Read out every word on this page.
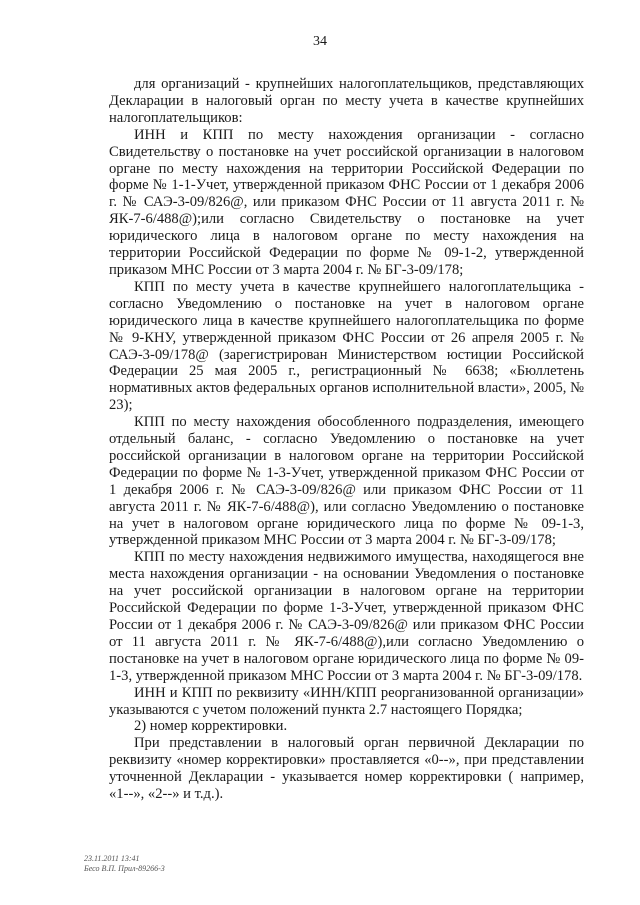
34

для организаций - крупнейших налогоплательщиков, представляющих Декларации в налоговый орган по месту учета в качестве крупнейших налогоплательщиков:

ИНН и КПП по месту нахождения организации - согласно Свидетельству о постановке на учет российской организации в налоговом органе по месту нахождения на территории Российской Федерации по форме № 1-1-Учет, утвержденной приказом ФНС России от 1 декабря 2006 г. № САЭ-3-09/826@, или приказом ФНС России от 11 августа 2011 г. № ЯК-7-6/488@);или согласно Свидетельству о постановке на учет юридического лица в налоговом органе по месту нахождения на территории Российской Федерации по форме № 09-1-2, утвержденной приказом МНС России от 3 марта 2004 г. № БГ-3-09/178;

КПП по месту учета в качестве крупнейшего налогоплательщика - согласно Уведомлению о постановке на учет в налоговом органе юридического лица в качестве крупнейшего налогоплательщика по форме № 9-КНУ, утвержденной приказом ФНС России от 26 апреля 2005 г. № САЭ-3-09/178@ (зарегистрирован Министерством юстиции Российской Федерации 25 мая 2005 г., регистрационный № 6638; «Бюллетень нормативных актов федеральных органов исполнительной власти», 2005, № 23);

КПП по месту нахождения обособленного подразделения, имеющего отдельный баланс, - согласно Уведомлению о постановке на учет российской организации в налоговом органе на территории Российской Федерации по форме № 1-3-Учет, утвержденной приказом ФНС России от 1 декабря 2006 г. № САЭ-3-09/826@ или приказом ФНС России от 11 августа 2011 г. № ЯК-7-6/488@), или согласно Уведомлению о постановке на учет в налоговом органе юридического лица по форме № 09-1-3, утвержденной приказом МНС России от 3 марта 2004 г. № БГ-3-09/178;

КПП по месту нахождения недвижимого имущества, находящегося вне места нахождения организации - на основании Уведомления о постановке на учет российской организации в налоговом органе на территории Российской Федерации по форме 1-3-Учет, утвержденной приказом ФНС России от 1 декабря 2006 г. № САЭ-3-09/826@ или приказом ФНС России от 11 августа 2011 г. № ЯК-7-6/488@),или согласно Уведомлению о постановке на учет в налоговом органе юридического лица по форме № 09-1-3, утвержденной приказом МНС России от 3 марта 2004 г. № БГ-3-09/178.

ИНН и КПП по реквизиту «ИНН/КПП реорганизованной организации» указываются с учетом положений пункта 2.7 настоящего Порядка;

2) номер корректировки.

При представлении в налоговый орган первичной Декларации по реквизиту «номер корректировки» проставляется «0--», при представлении уточненной Декларации - указывается номер корректировки ( например, «1--», «2--» и т.д.).

23.11.2011 13:41
Бесо В.П. Прил-89266-3
